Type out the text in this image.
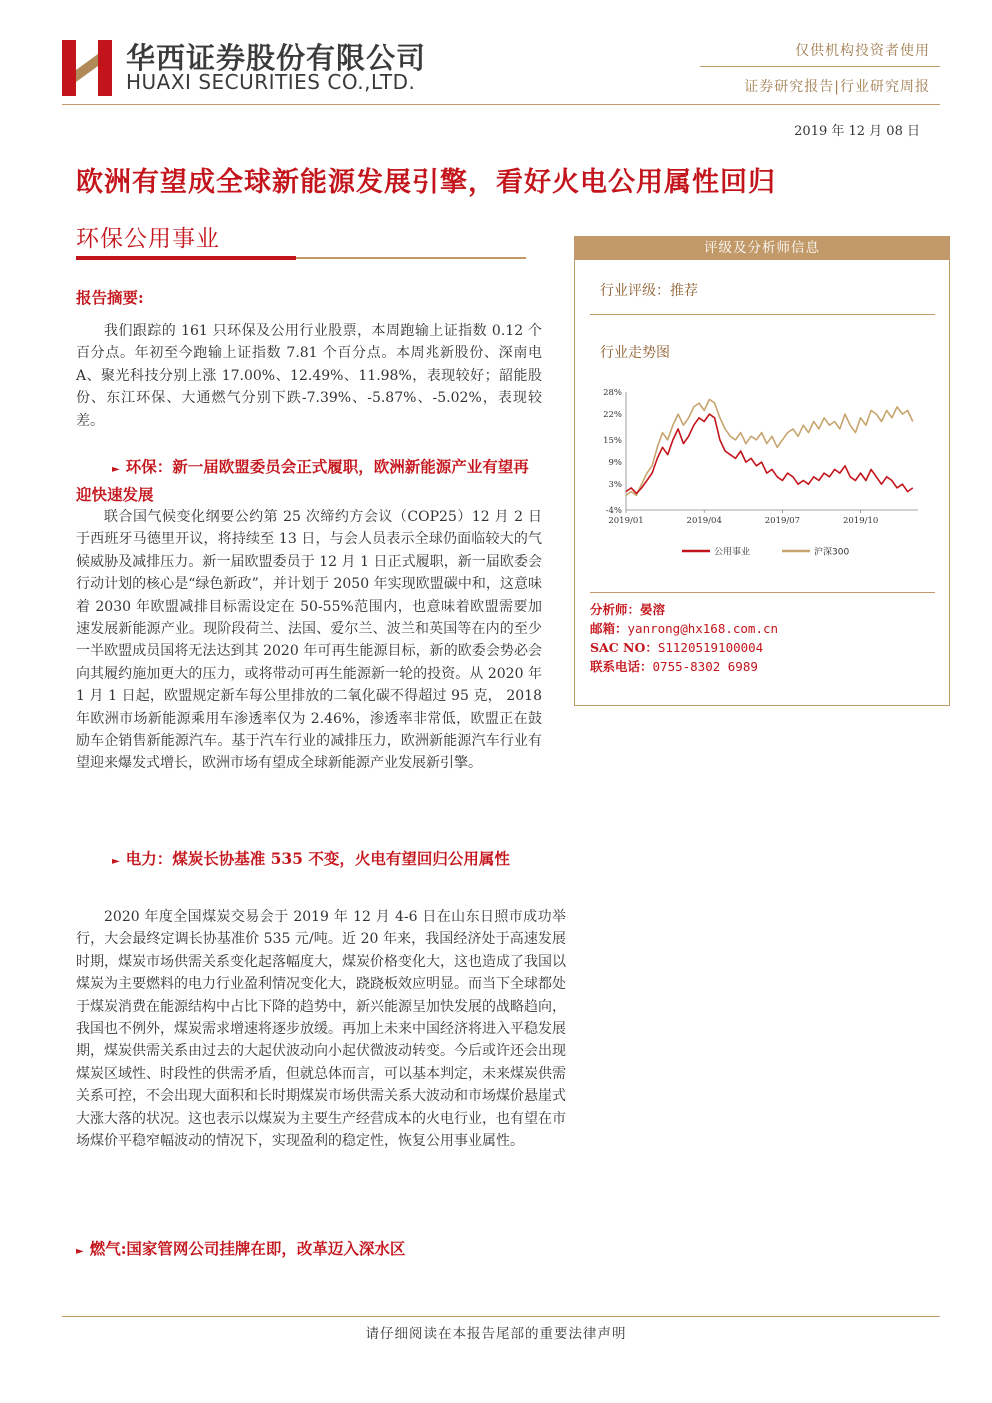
华西证券股份有限公司
HUAXI SECURITIES CO.,LTD.
仅供机构投资者使用
证券研究报告|行业研究周报
2019 年 12 月 08 日
欧洲有望成全球新能源发展引擎，看好火电公用属性回归
环保公用事业
报告摘要:
我们跟踪的 161 只环保及公用行业股票，本周跑输上证指数 0.12 个百分点。年初至今跑输上证指数 7.81 个百分点。本周兆新股份、深南电 A、聚光科技分别上涨 17.00%、12.49%、11.98%，表现较好；韶能股份、东江环保、大通燃气分别下跌-7.39%、-5.87%、-5.02%，表现较差。
► 环保：新一届欧盟委员会正式履职，欧洲新能源产业有望再迎快速发展
联合国气候变化纲要公约第 25 次缔约方会议（COP25）12 月 2 日于西班牙马德里开议，将持续至 13 日，与会人员表示全球仍面临较大的气候威胁及减排压力。新一届欧盟委员于 12 月 1 日正式履职，新一届欧委会行动计划的核心是“绿色新政”，并计划于 2050 年实现欧盟碳中和，这意味着 2030 年欧盟减排目标需设定在 50-55%范围内，也意味着欧盟需要加速发展新能源产业。现阶段荷兰、法国、爱尔兰、波兰和英国等在内的至少一半欧盟成员国将无法达到其 2020 年可再生能源目标，新的欧委会势必会向其履约施加更大的压力，或将带动可再生能源新一轮的投资。从 2020 年 1 月 1 日起，欧盟规定新车每公里排放的二氧化碳不得超过 95 克， 2018 年欧洲市场新能源乘用车渗透率仅为 2.46%，渗透率非常低，欧盟正在鼓励车企销售新能源汽车。基于汽车行业的减排压力，欧洲新能源汽车行业有望迎来爆发式增长，欧洲市场有望成全球新能源产业发展新引擎。
► 电力：煤炭长协基准 535 不变，火电有望回归公用属性
2020 年度全国煤炭交易会于 2019 年 12 月 4-6 日在山东日照市成功举行，大会最终定调长协基准价 535 元/吨。近 20 年来，我国经济处于高速发展时期，煤炭市场供需关系变化起落幅度大，煤炭价格变化大，这也造成了我国以煤炭为主要燃料的电力行业盈利情况变化大，跷跷板效应明显。而当下全球都处于煤炭消费在能源结构中占比下降的趋势中，新兴能源呈加快发展的战略趋向，我国也不例外，煤炭需求增速将逐步放缓。再加上未来中国经济将进入平稳发展期，煤炭供需关系由过去的大起伏波动向小起伏微波动转变。今后或许还会出现煤炭区域性、时段性的供需矛盾，但就总体而言，可以基本判定，未来煤炭供需关系可控，不会出现大面积和长时期煤炭市场供需关系大波动和市场煤价悬崖式大涨大落的状况。这也表示以煤炭为主要生产经营成本的火电行业，也有望在市场煤价平稳窄幅波动的情况下，实现盈利的稳定性，恢复公用事业属性。
► 燃气:国家管网公司挂牌在即，改革迈入深水区
评级及分析师信息
行业评级：推荐
行业走势图
28%
22%
15%
9%
3%
-4%
2019/01	2019/04	2019/07	2019/10
公用事业	沪深300
分析师：晏溶
邮箱：yanrong@hx168.com.cn
SAC NO：S1120519100004
联系电话：0755-8302 6989
请仔细阅读在本报告尾部的重要法律声明
